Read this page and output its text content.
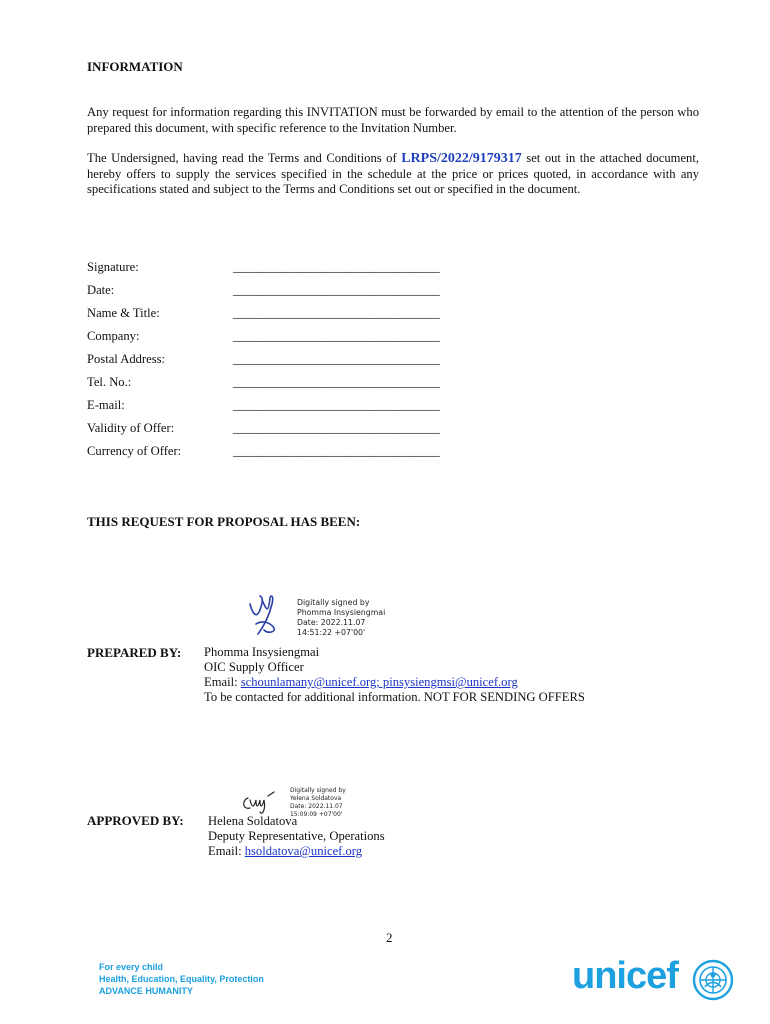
INFORMATION
Any request for information regarding this INVITATION must be forwarded by email to the attention of the person who prepared this document, with specific reference to the Invitation Number.
The Undersigned, having read the Terms and Conditions of LRPS/2022/9179317 set out in the attached document, hereby offers to supply the services specified in the schedule at the price or prices quoted, in accordance with any specifications stated and subject to the Terms and Conditions set out or specified in the document.
Signature:	___________________________________
Date:	___________________________________
Name & Title:	___________________________________
Company:	___________________________________
Postal Address:	___________________________________
Tel. No.:	___________________________________
E-mail:	___________________________________
Validity of Offer:	___________________________________
Currency of Offer:	___________________________________
THIS REQUEST FOR PROPOSAL HAS BEEN:
Digitally signed by
Phomma Insysiengmai
Date: 2022.11.07
14:51:22 +07'00'
PREPARED BY: Phomma Insysiengmai
OIC Supply Officer
Email: schounlamany@unicef.org; pinsysiengmsi@unicef.org
To be contacted for additional information. NOT FOR SENDING OFFERS
Digitally signed by
Yelena Soldatova
Date: 2022.11.07
15:09:09 +07'00'
APPROVED BY: Helena Soldatova
Deputy Representative, Operations
Email: hsoldatova@unicef.org
2
For every child
Health, Education, Equality, Protection
ADVANCE HUMANITY	unicef
